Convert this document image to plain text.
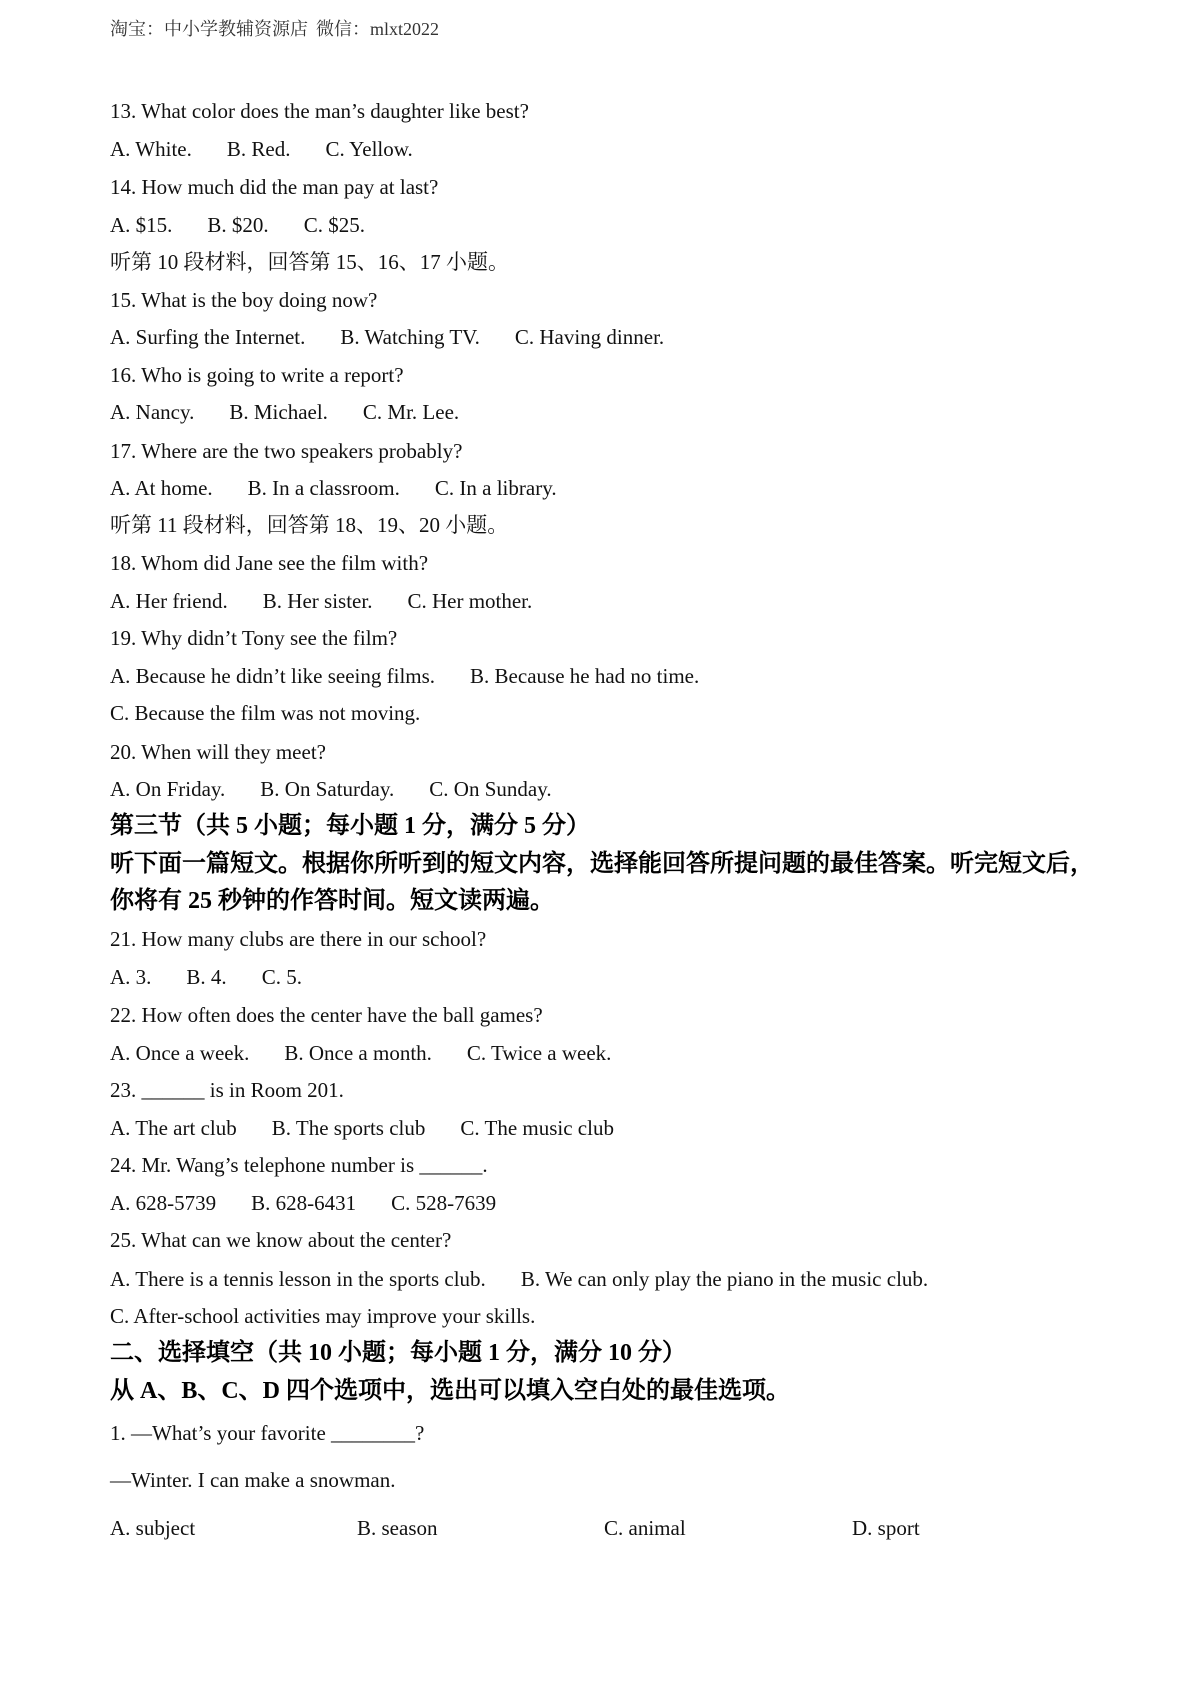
淘宝：中小学教辅资源店 微信：mlxt2022
13. What color does the man’s daughter like best?
A. White. B. Red. C. Yellow.
14. How much did the man pay at last?
A. $15. B. $20. C. $25.
听第 10 段材料，回答第 15、16、17 小题。
15. What is the boy doing now?
A. Surfing the Internet. B. Watching TV. C. Having dinner.
16. Who is going to write a report?
A. Nancy. B. Michael. C. Mr. Lee.
17. Where are the two speakers probably?
A. At home. B. In a classroom. C. In a library.
听第 11 段材料，回答第 18、19、20 小题。
18. Whom did Jane see the film with?
A. Her friend. B. Her sister. C. Her mother.
19. Why didn’t Tony see the film?
A. Because he didn’t like seeing films. B. Because he had no time.
C. Because the film was not moving.
20. When will they meet?
A. On Friday. B. On Saturday. C. On Sunday.
第三节（共 5 小题；每小题 1 分，满分 5 分）
听下面一篇短文。根据你所听到的短文内容，选择能回答所提问题的最佳答案。听完短文后，
你将有 25 秒钟的作答时间。短文读两遍。
21. How many clubs are there in our school?
A. 3. B. 4. C. 5.
22. How often does the center have the ball games?
A. Once a week. B. Once a month. C. Twice a week.
23. ______ is in Room 201.
A. The art club B. The sports club C. The music club
24. Mr. Wang’s telephone number is ______.
A. 628-5739 B. 628-6431 C. 528-7639
25. What can we know about the center?
A. There is a tennis lesson in the sports club. B. We can only play the piano in the music club.
C. After-school activities may improve your skills.
二、选择填空（共 10 小题；每小题 1 分，满分 10 分）
从 A、B、C、D 四个选项中，选出可以填入空白处的最佳选项。
1. —What’s your favorite ________?
—Winter. I can make a snowman.
A. subject	B. season	C. animal	D. sport
